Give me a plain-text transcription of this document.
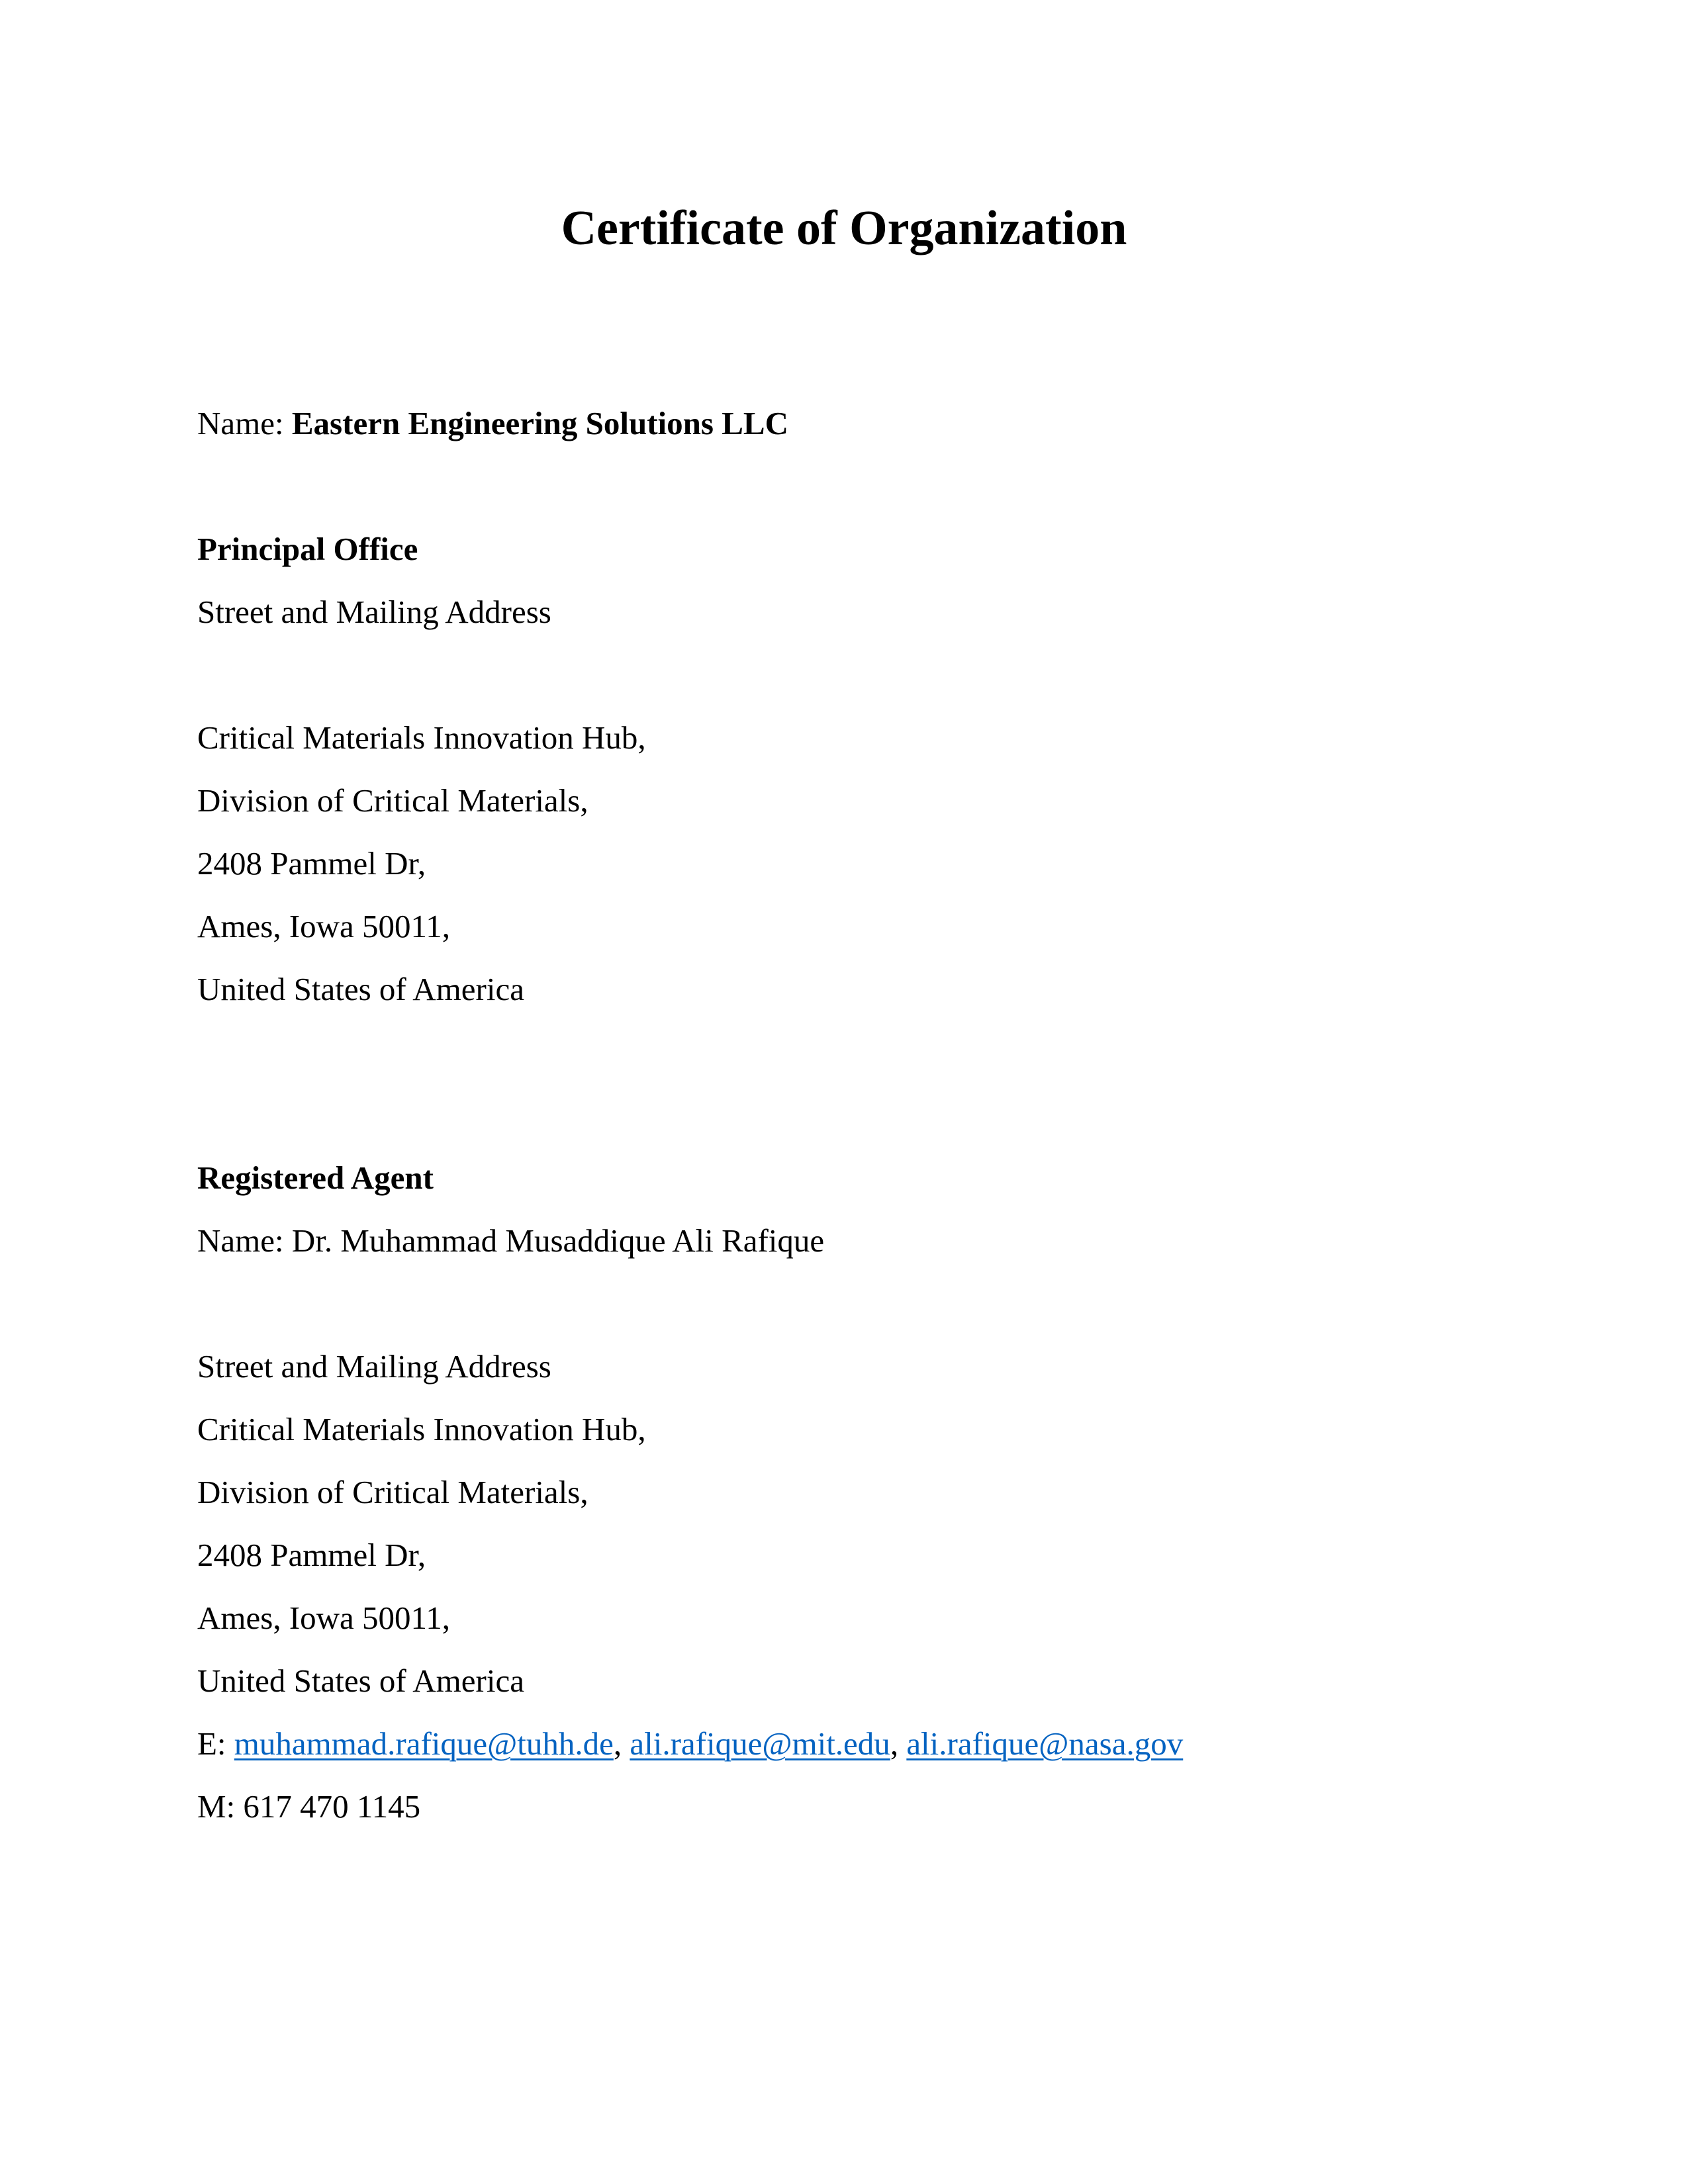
Certificate of Organization

Name: Eastern Engineering Solutions LLC

Principal Office

Street and Mailing Address

Critical Materials Innovation Hub,

Division of Critical Materials,

2408 Pammel Dr,

Ames, Iowa 50011,

United States of America

Registered Agent

Name: Dr. Muhammad Musaddique Ali Rafique

Street and Mailing Address

Critical Materials Innovation Hub,

Division of Critical Materials,

2408 Pammel Dr,

Ames, Iowa 50011,

United States of America

E: muhammad.rafique@tuhh.de, ali.rafique@mit.edu, ali.rafique@nasa.gov

M: 617 470 1145
